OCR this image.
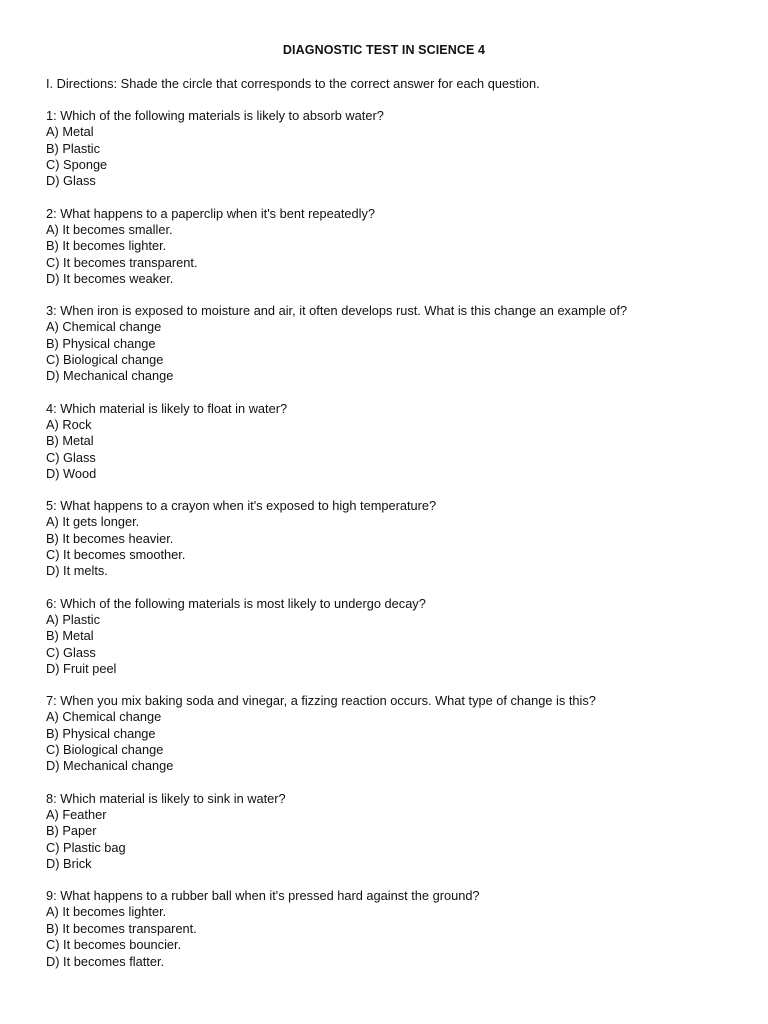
DIAGNOSTIC TEST IN SCIENCE 4
I. Directions: Shade the circle that corresponds to the correct answer for each question.
1: Which of the following materials is likely to absorb water?
A) Metal
B) Plastic
C) Sponge
D) Glass
2: What happens to a paperclip when it's bent repeatedly?
A) It becomes smaller.
B) It becomes lighter.
C) It becomes transparent.
D) It becomes weaker.
3: When iron is exposed to moisture and air, it often develops rust. What is this change an example of?
A) Chemical change
B) Physical change
C) Biological change
D) Mechanical change
4: Which material is likely to float in water?
A) Rock
B) Metal
C) Glass
D) Wood
5: What happens to a crayon when it's exposed to high temperature?
A) It gets longer.
B) It becomes heavier.
C) It becomes smoother.
D) It melts.
6: Which of the following materials is most likely to undergo decay?
A) Plastic
B) Metal
C) Glass
D) Fruit peel
7: When you mix baking soda and vinegar, a fizzing reaction occurs. What type of change is this?
A) Chemical change
B) Physical change
C) Biological change
D) Mechanical change
8: Which material is likely to sink in water?
A) Feather
B) Paper
C) Plastic bag
D) Brick
9: What happens to a rubber ball when it's pressed hard against the ground?
A) It becomes lighter.
B) It becomes transparent.
C) It becomes bouncier.
D) It becomes flatter.
